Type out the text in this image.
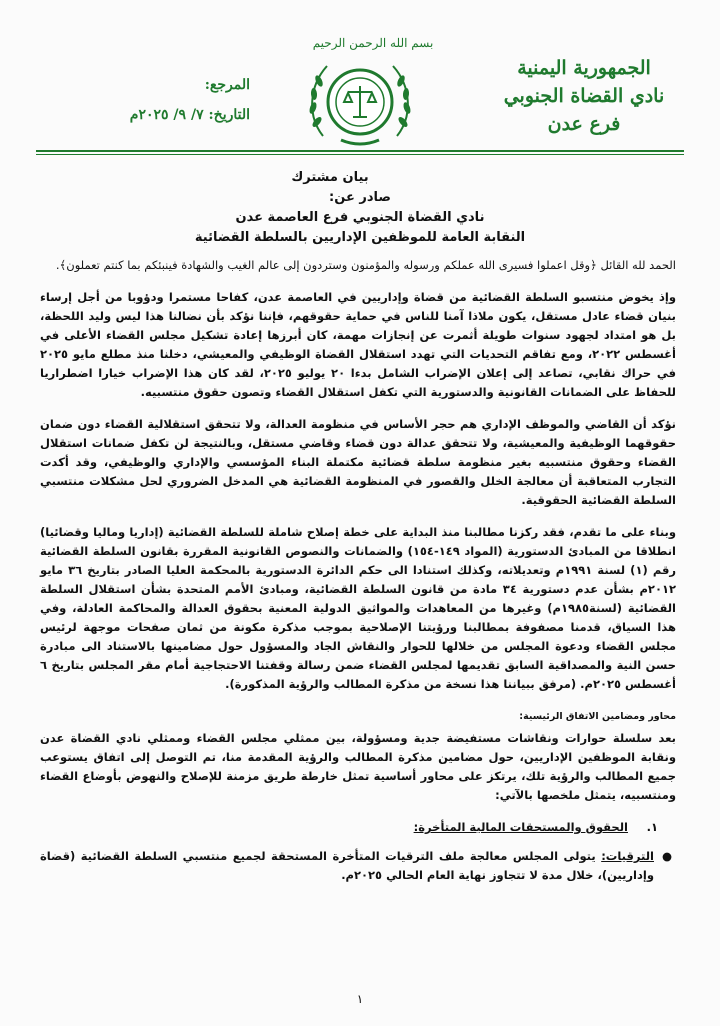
بسم الله الرحمن الرحيم
الجمهورية اليمنية
نادي القضاة الجنوبي
فرع عدن
المرجع:
التاريخ: ٧/ ٩/ ٢٠٢٥م
بيان مشترك
صادر عن:
نادي القضاة الجنوبي فرع العاصمة عدن
النقابة العامة للموظفين الإداريين بالسلطة القضائية

الحمد لله القائل ﴿وقل اعملوا فسيرى الله عملكم ورسوله والمؤمنون وستردون إلى عالم الغيب والشهادة فينبئكم بما كنتم تعملون﴾.

وإذ يخوض منتسبو السلطة القضائية من قضاة وإداريين في العاصمة عدن، كفاحا مستمرا ودؤوبا من أجل إرساء بنيان قضاء عادل مستقل، يكون ملاذا آمنا للناس في حماية حقوقهم، فإننا نؤكد بأن نضالنا هذا ليس وليد اللحظة، بل هو امتداد لجهود سنوات طويلة أثمرت عن إنجازات مهمة، كان أبرزها إعادة تشكيل مجلس القضاء الأعلى في أغسطس ٢٠٢٢، ومع تفاقم التحديات التي تهدد استقلال القضاة الوظيفي والمعيشي، دخلنا منذ مطلع مايو ٢٠٢٥ في حراك نقابي، تصاعد إلى إعلان الإضراب الشامل بدءا ٢٠ يوليو ٢٠٢٥، لقد كان هذا الإضراب خيارا اضطراريا للحفاظ على الضمانات القانونية والدستورية التي تكفل استقلال القضاء وتصون حقوق منتسبيه.

نؤكد أن القاضي والموظف الإداري هم حجر الأساس في منظومة العدالة، ولا تتحقق استقلالية القضاء دون ضمان حقوقهما الوظيفية والمعيشية، ولا تتحقق عدالة دون قضاء وقاضي مستقل، وبالنتيجة لن تكفل ضمانات استقلال القضاء وحقوق منتسبيه بغير منظومة سلطة قضائية مكتملة البناء المؤسسي والإداري والوظيفي، وقد أكدت التجارب المتعاقبة أن معالجة الخلل والقصور في المنظومة القضائية هي المدخل الضروري لحل مشكلات منتسبي السلطة القضائية الحقوقية.

وبناء على ما تقدم، فقد ركزنا مطالبنا منذ البداية على خطة إصلاح شاملة للسلطة القضائية (إداريا وماليا وقضائيا) انطلاقا من المبادئ الدستورية (المواد ١٤٩-١٥٤) والضمانات والنصوص القانونية المقررة بقانون السلطة القضائية رقم (١) لسنة ١٩٩١م وتعديلاته، وكذلك استنادا الى حكم الدائرة الدستورية بالمحكمة العليا الصادر بتاريخ ٣٦ مايو ٢٠١٢م بشأن عدم دستورية ٣٤ مادة من قانون السلطة القضائية، ومبادئ الأمم المتحدة بشأن استقلال السلطة القضائية (لسنة١٩٨٥م) وغيرها من المعاهدات والمواثيق الدولية المعنية بحقوق العدالة والمحاكمة العادلة، وفي هذا السياق، قدمنا مصفوفة بمطالبنا ورؤيتنا الإصلاحية بموجب مذكرة مكونة من ثمان صفحات موجهة لرئيس مجلس القضاء ودعوة المجلس من خلالها للحوار والنقاش الجاد والمسؤول حول مضامينها بالاستناد الى مبادرة حسن النية والمصداقية السابق تقديمها لمجلس القضاء ضمن رسالة وقفتنا الاحتجاجية أمام مقر المجلس بتاريخ ٦ أغسطس ٢٠٢٥م. (مرفق ببياننا هذا نسخة من مذكرة المطالب والرؤية المذكورة).

محاور ومضامين الاتفاق الرئيسية:

بعد سلسلة حوارات ونقاشات مستفيضة جدية ومسؤولة، بين ممثلي مجلس القضاء وممثلي نادي القضاة عدن ونقابة الموظفين الإداريين، حول مضامين مذكرة المطالب والرؤية المقدمة منا، تم التوصل إلى اتفاق يستوعب جميع المطالب والرؤية تلك، يرتكز على محاور أساسية تمثل خارطة طريق مزمنة للإصلاح والنهوض بأوضاع القضاء ومنتسبيه، يتمثل ملخصها بالآتي:

١. الحقوق والمستحقات المالية المتأخرة:
●
الترقيات: يتولى المجلس معالجة ملف الترقيات المتأخرة المستحقة لجميع منتسبي السلطة القضائية (قضاة وإداريين)، خلال مدة لا تتجاوز نهاية العام الحالي ٢٠٢٥م.
١
